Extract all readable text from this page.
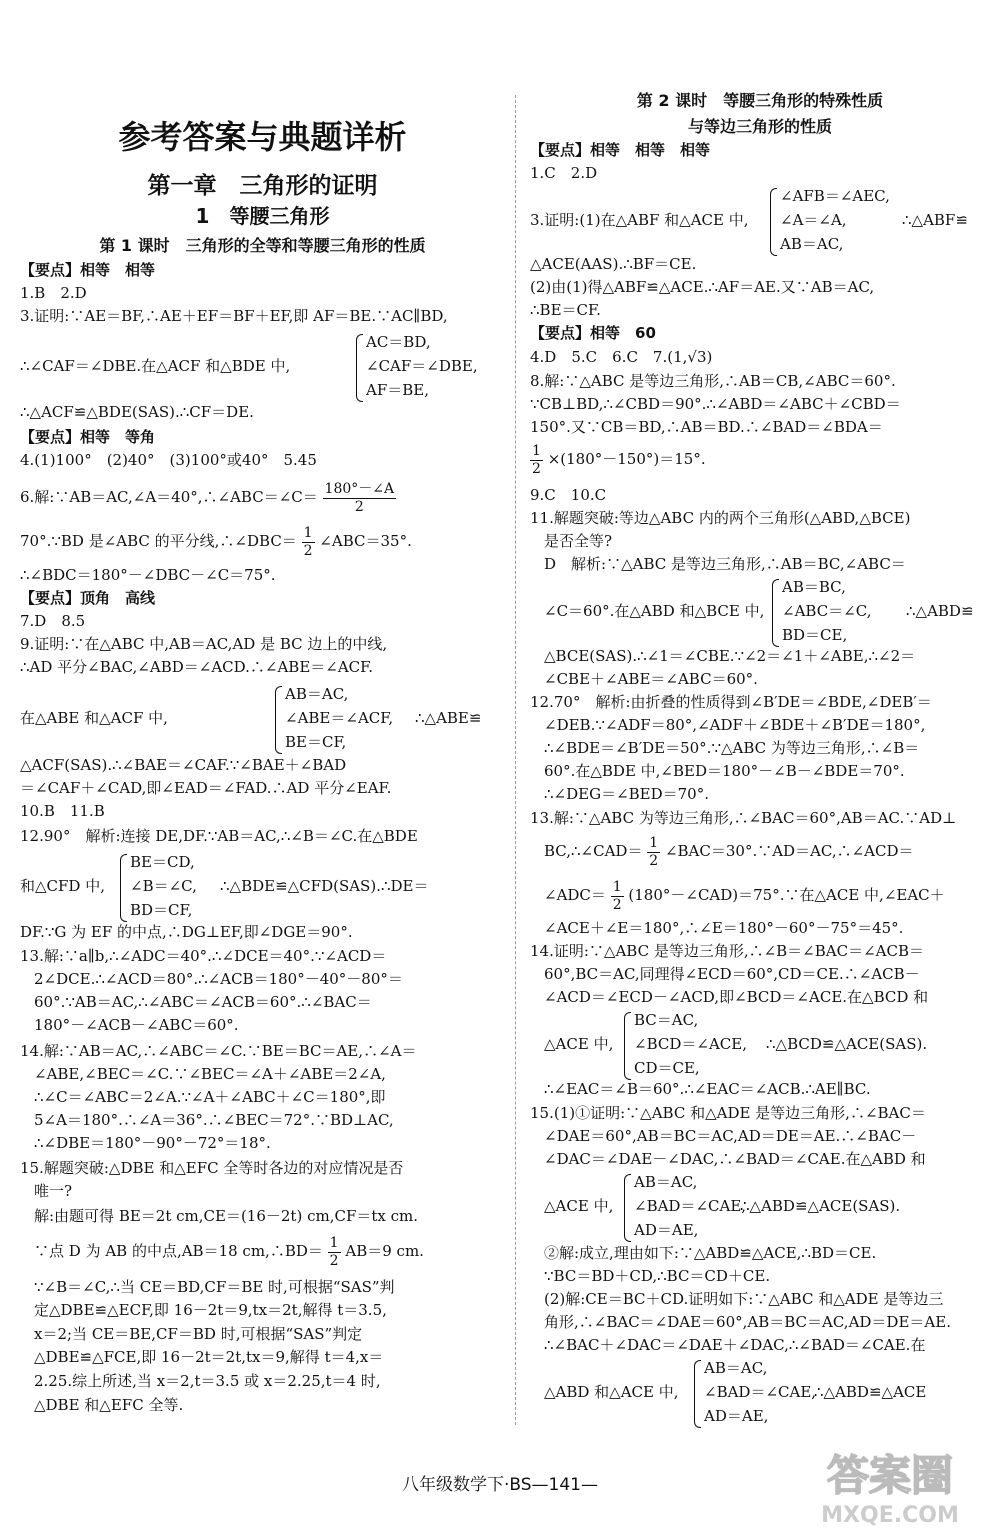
参考答案与典题详析
第一章　三角形的证明
1　等腰三角形
第 1 课时　三角形的全等和等腰三角形的性质
【要点】相等　相等
1.B　2.D
3.证明:∵AE＝BF,∴AE＋EF＝BF＋EF,即 AF＝BE.∵AC∥BD,
∴∠CAF＝∠DBE.在△ACF 和△BDE 中,
AC＝BD,
∠CAF＝∠DBE,
AF＝BE,
∴△ACF≌△BDE(SAS).∴CF＝DE.
【要点】相等　等角
4.(1)100°　(2)40°　(3)100°或40°　5.45
6.解:∵AB＝AC,∠A＝40°,∴∠ABC＝∠C＝ $\frac{180^\circ-\angle A}{2}$
70°.∵BD 是∠ABC 的平分线,∴∠DBC＝ $\frac{1}{2}$ ∠ABC＝35°.
∴∠BDC＝180°－∠DBC－∠C＝75°.
【要点】顶角　高线
7.D　8.5
9.证明:∵在△ABC 中,AB＝AC,AD 是 BC 边上的中线,
∴AD 平分∠BAC,∠ABD＝∠ACD.∴∠ABE＝∠ACF.
在△ABE 和△ACF 中,
AB＝AC,
∠ABE＝∠ACF,
BE＝CF,
∴△ABE≌
△ACF(SAS).∴∠BAE＝∠CAF.∵∠BAE＋∠BAD
＝∠CAF＋∠CAD,即∠EAD＝∠FAD.∴AD 平分∠EAF.
10.B　11.B
12.90°　解析:连接 DE,DF.∵AB＝AC,∴∠B＝∠C.在△BDE
和△CFD 中,
BE＝CD,
∠B＝∠C,
BD＝CF,
∴△BDE≌△CFD(SAS).∴DE＝
DF.∵G 为 EF 的中点,∴DG⊥EF,即∠DGE＝90°.
13.解:∵a∥b,∴∠ADC＝40°.∴∠DCE＝40°.∵∠ACD＝
2∠DCE.∴∠ACD＝80°.∴∠ACB＝180°－40°－80°＝
60°.∵AB＝AC,∴∠ABC＝∠ACB＝60°.∴∠BAC＝
180°－∠ACB－∠ABC＝60°.
14.解:∵AB＝AC,∴∠ABC＝∠C.∵BE＝BC＝AE,∴∠A＝
∠ABE,∠BEC＝∠C.∵∠BEC＝∠A＋∠ABE＝2∠A,
∴∠C＝∠ABC＝2∠A.∵∠A＋∠ABC＋∠C＝180°,即
5∠A＝180°.∴∠A＝36°.∴∠BEC＝72°.∵BD⊥AC,
∴∠DBE＝180°－90°－72°＝18°.
15.解题突破:△DBE 和△EFC 全等时各边的对应情况是否
唯一?
解:由题可得 BE＝2t cm,CE＝(16－2t) cm,CF＝tx cm.
∵点 D 为 AB 的中点,AB＝18 cm,∴BD＝ $\frac{1}{2} AB=9$ cm.
∵∠B＝∠C,∴当 CE＝BD,CF＝BE 时,可根据“SAS”判
定△DBE≌△ECF,即 16－2t＝9,tx＝2t,解得 t＝3.5,
x＝2;当 CE＝BE,CF＝BD 时,可根据“SAS”判定
△DBE≌△FCE,即 16－2t＝2t,tx＝9,解得 t＝4,x＝
2.25.综上所述,当 x＝2,t＝3.5 或 x＝2.25,t＝4 时,
△DBE 和△EFC 全等.
第 2 课时　等腰三角形的特殊性质
与等边三角形的性质
【要点】相等　相等　相等
1.C　2.D
3.证明:(1)在△ABF 和△ACE 中,
∠AFB＝∠AEC,
∠A＝∠A,
AB＝AC,
∴△ABF≌
△ACE(AAS).∴BF＝CE.
(2)由(1)得△ABF≌△ACE.∴AF＝AE.又∵AB＝AC,
∴BE＝CF.
【要点】相等　60
4.D　5.C　6.C　7.(1,√3)
8.解:∵△ABC 是等边三角形,∴AB＝CB,∠ABC＝60°.
∵CB⊥BD,∴∠CBD＝90°.∴∠ABD＝∠ABC＋∠CBD＝
150°.又∵CB＝BD,∴AB＝BD.∴∠BAD＝∠BDA＝
$\frac{1}{2} \times(180^\circ-150^\circ)=15^\circ$.
9.C　10.C
11.解题突破:等边△ABC 内的两个三角形(△ABD,△BCE)
是否全等?
D　解析:∵△ABC 是等边三角形,∴AB＝BC,∠ABC＝
∠C＝60°.在△ABD 和△BCE 中,
AB＝BC,
∠ABC＝∠C,
BD＝CE,
∴△ABD≌
△BCE(SAS).∴∠1＝∠CBE.∵∠2＝∠1＋∠ABE,∴∠2＝
∠CBE＋∠ABE＝∠ABC＝60°.
12.70°　解析:由折叠的性质得到∠B′DE＝∠BDE,∠DEB′＝
∠DEB.∵∠ADF＝80°,∠ADF＋∠BDE＋∠B′DE＝180°,
∴∠BDE＝∠B′DE＝50°.∵△ABC 为等边三角形,∴∠B＝
60°.在△BDE 中,∠BED＝180°－∠B－∠BDE＝70°.
∴∠DEG＝∠BED＝70°.
13.解:∵△ABC 为等边三角形,∴∠BAC＝60°,AB＝AC.∵AD⊥
BC,∴∠CAD＝ $\frac{1}{2}$ ∠BAC＝30°.∵AD＝AC,∴∠ACD＝
∠ADC＝ $\frac{1}{2}$ (180°－∠CAD)＝75°.∵在△ACE 中,∠EAC＋
∠ACE＋∠E＝180°,∴∠E＝180°－60°－75°＝45°.
14.证明:∵△ABC 是等边三角形,∴∠B＝∠BAC＝∠ACB＝
60°,BC＝AC,同理得∠ECD＝60°,CD＝CE.∴∠ACB－
∠ACD＝∠ECD－∠ACD,即∠BCD＝∠ACE.在△BCD 和
△ACE 中,
BC＝AC,
∠BCD＝∠ACE,
CD＝CE,
∴△BCD≌△ACE(SAS).
∴∠EAC＝∠B＝60°.∴∠EAC＝∠ACB.∴AE∥BC.
15.(1)①证明:∵△ABC 和△ADE 是等边三角形,∴∠BAC＝
∠DAE＝60°,AB＝BC＝AC,AD＝DE＝AE.∴∠BAC－
∠DAC＝∠DAE－∠DAC,∴∠BAD＝∠CAE.在△ABD 和
△ACE 中,
AB＝AC,
∠BAD＝∠CAE,
AD＝AE,
∴△ABD≌△ACE(SAS).
②解:成立,理由如下:∵△ABD≌△ACE,∴BD＝CE.
∵BC＝BD＋CD,∴BC＝CD＋CE.
(2)解:CE＝BC＋CD.证明如下:∵△ABC 和△ADE 是等边三
角形,∴∠BAC＝∠DAE＝60°,AB＝BC＝AC,AD＝DE＝AE.
∴∠BAC＋∠DAC＝∠DAE＋∠DAC,∴∠BAD＝∠CAE.在
△ABD 和△ACE 中,
AB＝AC,
∠BAD＝∠CAE,
AD＝AE,
∴△ABD≌△ACE
八年级数学下·BS—141—	答案圈
MXQE.COM
